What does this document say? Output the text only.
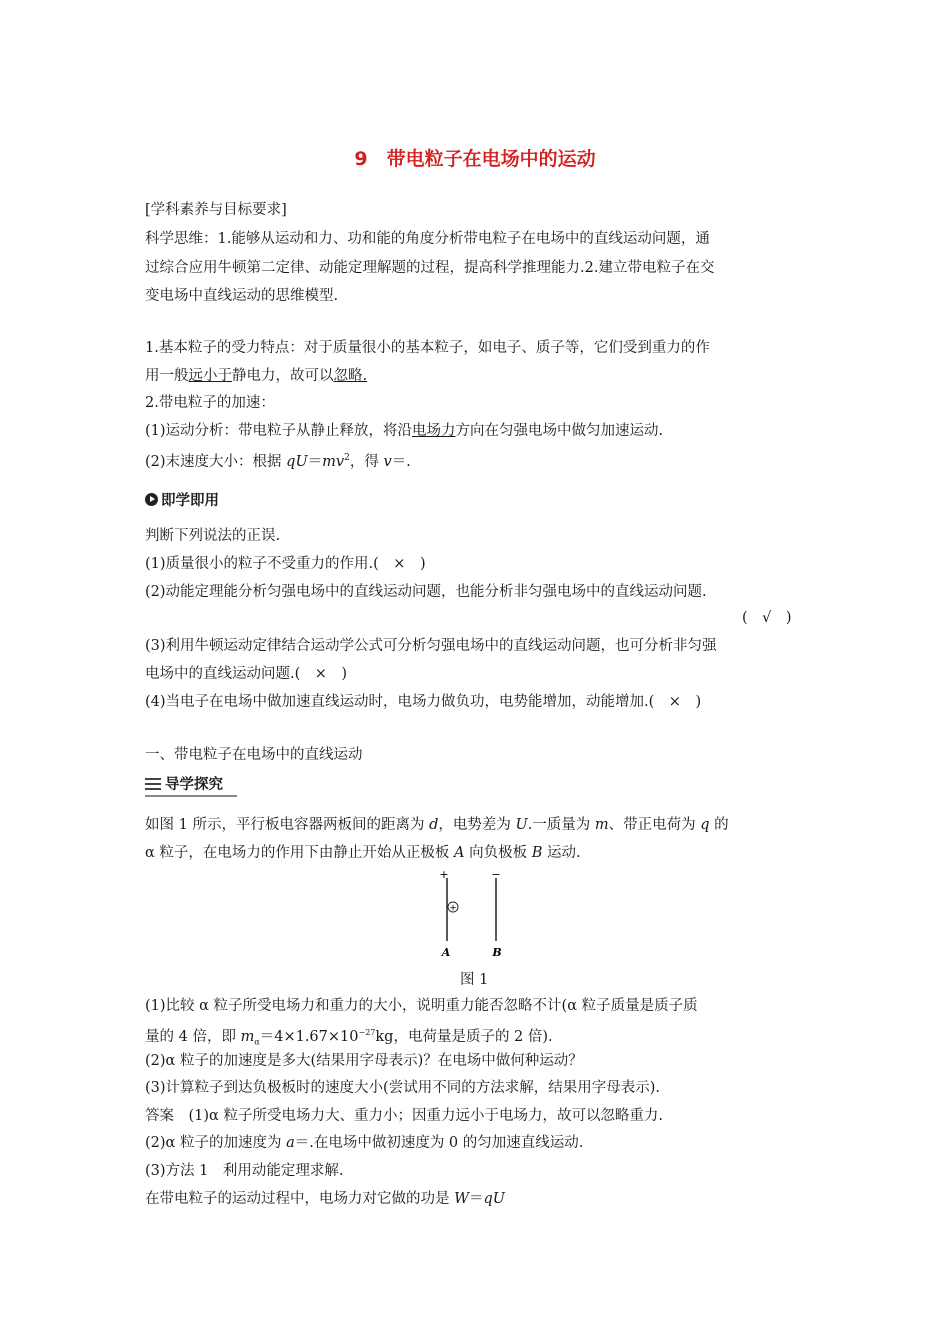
9　带电粒子在电场中的运动
[学科素养与目标要求]
科学思维：1.能够从运动和力、功和能的角度分析带电粒子在电场中的直线运动问题，通
过综合应用牛顿第二定律、动能定理解题的过程，提高科学推理能力.2.建立带电粒子在交
变电场中直线运动的思维模型.
1.基本粒子的受力特点：对于质量很小的基本粒子，如电子、质子等，它们受到重力的作
用一般远小于静电力，故可以忽略.
2.带电粒子的加速：
(1)运动分析：带电粒子从静止释放，将沿电场力方向在匀强电场中做匀加速运动.
(2)末速度大小：根据 $qU=mv^2$，得 v＝.
即学即用
判断下列说法的正误.
(1)质量很小的粒子不受重力的作用.(　×　)
(2)动能定理能分析匀强电场中的直线运动问题，也能分析非匀强电场中的直线运动问题.
(　√　)
(3)利用牛顿运动定律结合运动学公式可分析匀强电场中的直线运动问题，也可分析非匀强
电场中的直线运动问题.(　×　)
(4)当电子在电场中做加速直线运动时，电场力做负功，电势能增加，动能增加.(　×　)
一、带电粒子在电场中的直线运动
导学探究
如图 1 所示，平行板电容器两板间的距离为 d，电势差为 U.一质量为 m、带正电荷为 q 的
α 粒子，在电场力的作用下由静止开始从正极板 A 向负极板 B 运动.
+	−
+
A	B
图 1
(1)比较 α 粒子所受电场力和重力的大小，说明重力能否忽略不计(α 粒子质量是质子质
量的 4 倍，即 $m_\alpha=4\times 1.67\times 10^{-27}kg$，电荷量是质子的 2 倍).
(2)α 粒子的加速度是多大(结果用字母表示)？在电场中做何种运动？
(3)计算粒子到达负极板时的速度大小(尝试用不同的方法求解，结果用字母表示).
答案　(1)α 粒子所受电场力大、重力小；因重力远小于电场力，故可以忽略重力.
(2)α 粒子的加速度为 a＝.在电场中做初速度为 0 的匀加速直线运动.
(3)方法 1　利用动能定理求解.
在带电粒子的运动过程中，电场力对它做的功是 W＝qU
